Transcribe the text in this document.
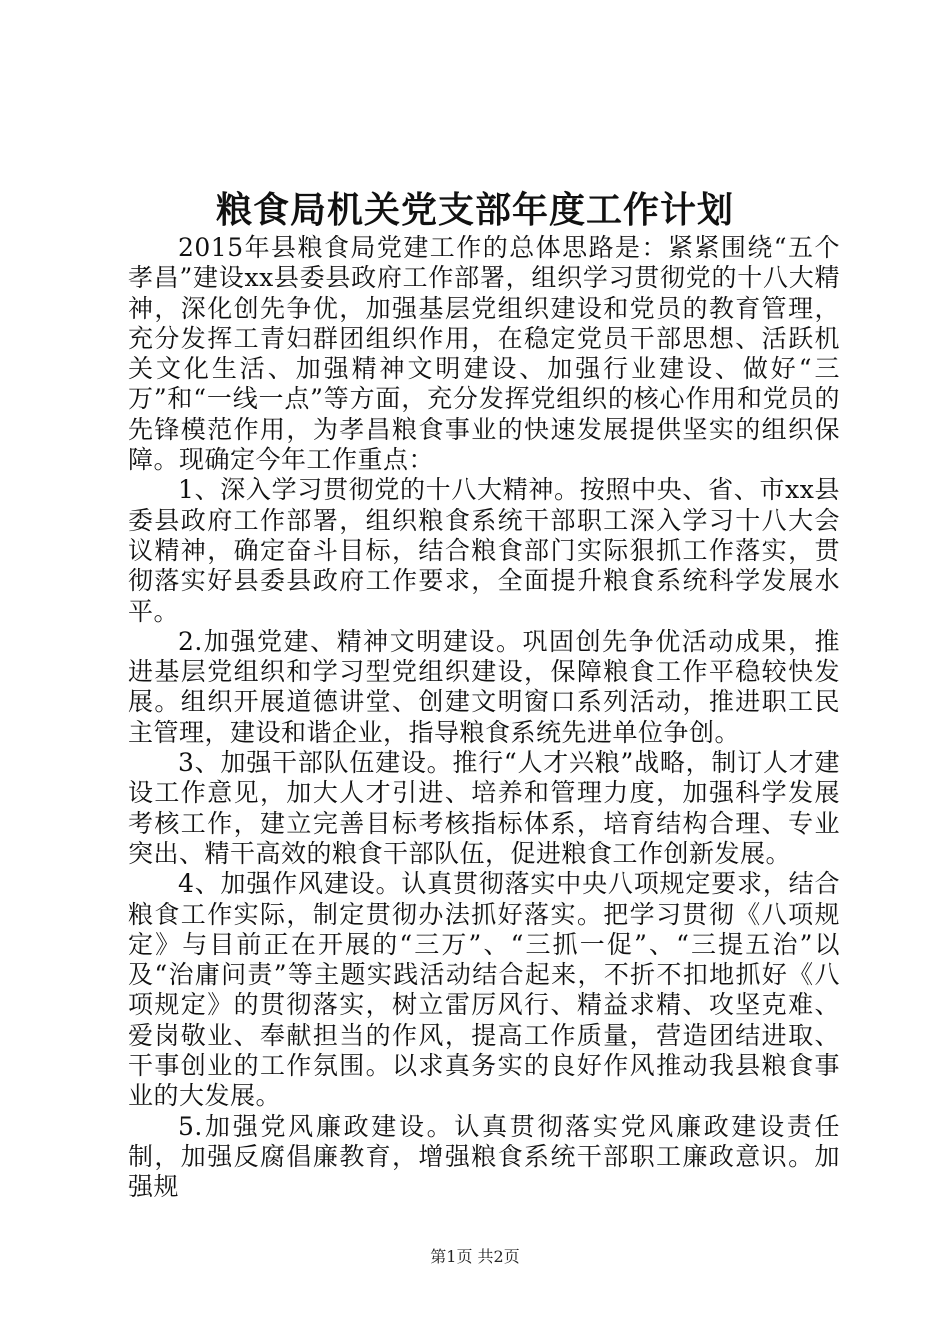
粮食局机关党支部年度工作计划

2015年县粮食局党建工作的总体思路是：紧紧围绕“五个孝昌”建设xx县委县政府工作部署，组织学习贯彻党的十八大精神，深化创先争优，加强基层党组织建设和党员的教育管理，充分发挥工青妇群团组织作用，在稳定党员干部思想、活跃机关文化生活、加强精神文明建设、加强行业建设、做好“三万”和“一线一点”等方面，充分发挥党组织的核心作用和党员的先锋模范作用，为孝昌粮食事业的快速发展提供坚实的组织保障。现确定今年工作重点：

1、深入学习贯彻党的十八大精神。按照中央、省、市xx县委县政府工作部署，组织粮食系统干部职工深入学习十八大会议精神，确定奋斗目标，结合粮食部门实际狠抓工作落实，贯彻落实好县委县政府工作要求，全面提升粮食系统科学发展水平。

2.加强党建、精神文明建设。巩固创先争优活动成果，推进基层党组织和学习型党组织建设，保障粮食工作平稳较快发展。组织开展道德讲堂、创建文明窗口系列活动，推进职工民主管理，建设和谐企业，指导粮食系统先进单位争创。

3、加强干部队伍建设。推行“人才兴粮”战略，制订人才建设工作意见，加大人才引进、培养和管理力度，加强科学发展考核工作，建立完善目标考核指标体系，培育结构合理、专业突出、精干高效的粮食干部队伍，促进粮食工作创新发展。

4、加强作风建设。认真贯彻落实中央八项规定要求，结合粮食工作实际，制定贯彻办法抓好落实。把学习贯彻《八项规定》与目前正在开展的“三万”、“三抓一促”、“三提五治”以及“治庸问责”等主题实践活动结合起来，不折不扣地抓好《八项规定》的贯彻落实，树立雷厉风行、精益求精、攻坚克难、爱岗敬业、奉献担当的作风，提高工作质量，营造团结进取、干事创业的工作氛围。以求真务实的良好作风推动我县粮食事业的大发展。

5.加强党风廉政建设。认真贯彻落实党风廉政建设责任制，加强反腐倡廉教育，增强粮食系统干部职工廉政意识。加强规

第1页 共2页
